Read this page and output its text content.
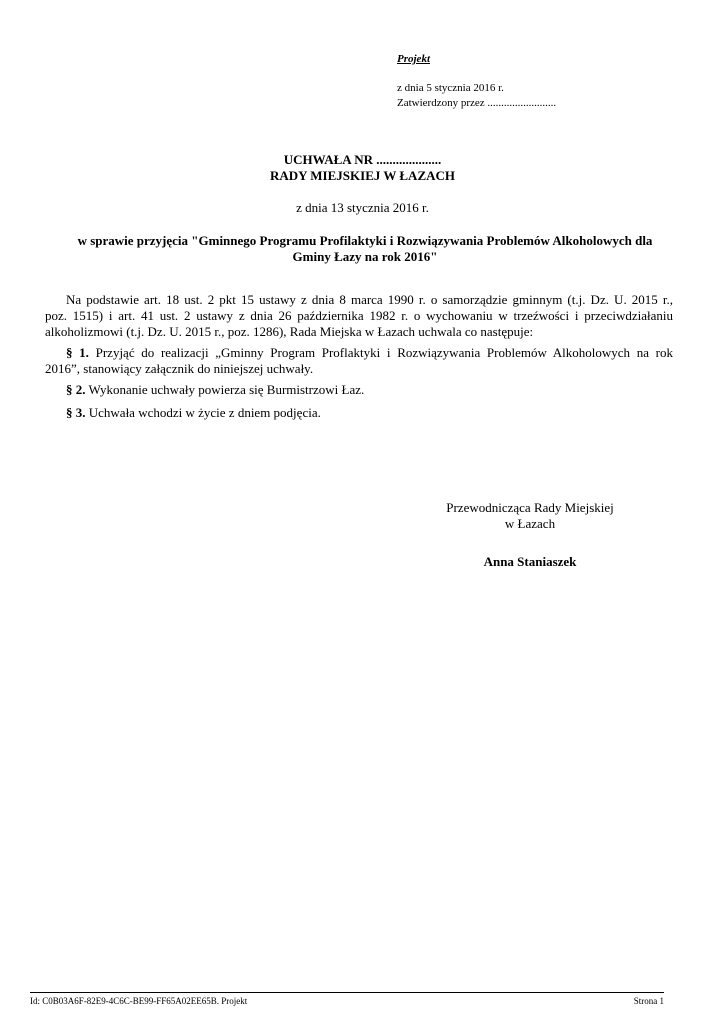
Projekt
z dnia 5 stycznia 2016 r.
Zatwierdzony przez .........................
UCHWAŁA NR ....................
RADY MIEJSKIEJ W ŁAZACH
z dnia 13 stycznia 2016 r.
w sprawie przyjęcia "Gminnego Programu Profilaktyki i Rozwiązywania Problemów Alkoholowych dla
Gminy Łazy na rok 2016"
Na podstawie art. 18 ust. 2 pkt 15 ustawy z dnia 8 marca 1990 r. o samorządzie gminnym (t.j. Dz. U. 2015 r.,
poz. 1515) i art. 41 ust. 2 ustawy z dnia 26 października 1982 r. o wychowaniu w trzeźwości i przeciwdziałaniu
alkoholizmowi (t.j. Dz. U. 2015 r., poz. 1286), Rada Miejska w Łazach uchwala co następuje:
§ 1. Przyjąć do realizacji „Gminny Program Proflaktyki i Rozwiązywania Problemów Alkoholowych na rok
2016”, stanowiący załącznik do niniejszej uchwały.
§ 2. Wykonanie uchwały powierza się Burmistrzowi Łaz.
§ 3. Uchwała wchodzi w życie z dniem podjęcia.
Przewodnicząca Rady Miejskiej
w Łazach
Anna Staniaszek
Id: C0B03A6F-82E9-4C6C-BE99-FF65A02EE65B. Projekt	Strona 1
